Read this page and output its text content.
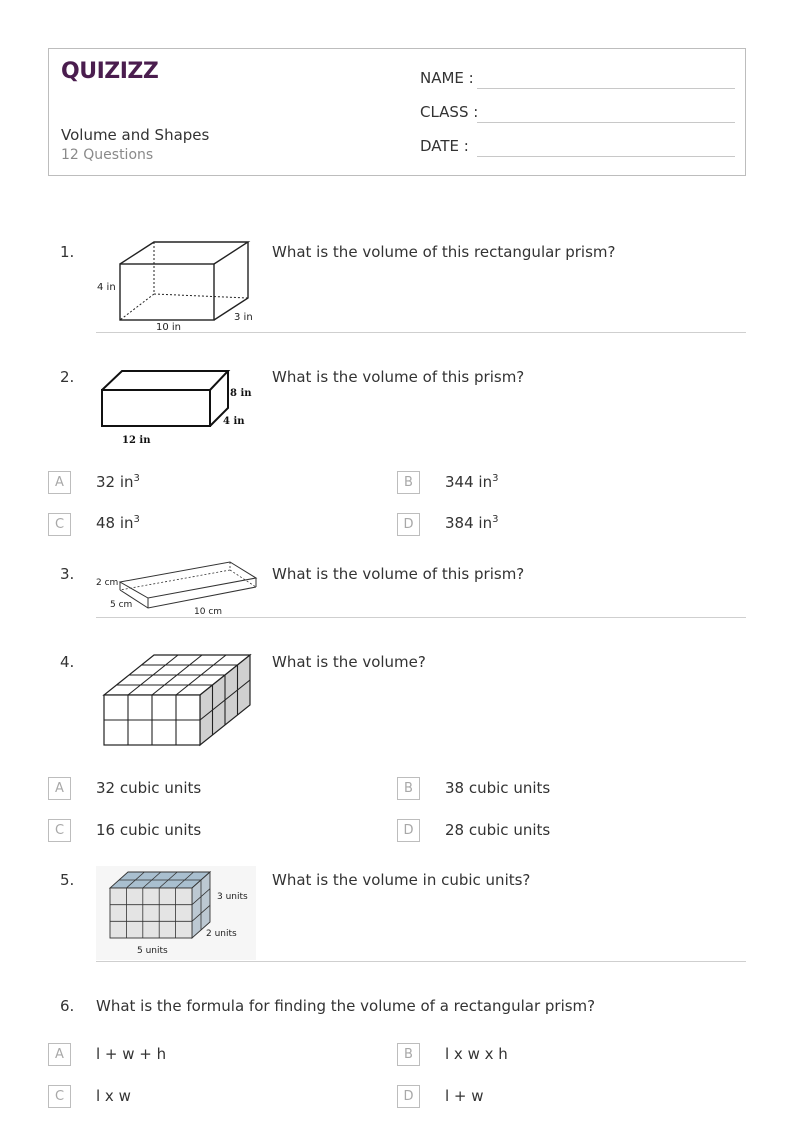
QUIZIZZ
Volume and Shapes
12 Questions
NAME :
CLASS :
DATE :
1.
4 in
10 in
3 in
What is the volume of this rectangular prism?
2.
12 in
8 in
4 in
What is the volume of this prism?
A	32 $in^3$	B	344 $in^3$
C	48 $in^3$	D	384 $in^3$
3. 2 cm
5 cm
10 cm
What is the volume of this prism?
4.	What is the volume?
A	32 cubic units	B	38 cubic units
C	16 cubic units	D	28 cubic units
5.
3 units
2 units
5 units
What is the volume in cubic units?
6. What is the formula for finding the volume of a rectangular prism?
A	l + w + h	B	l x w x h
C	l x w	D	l + w
